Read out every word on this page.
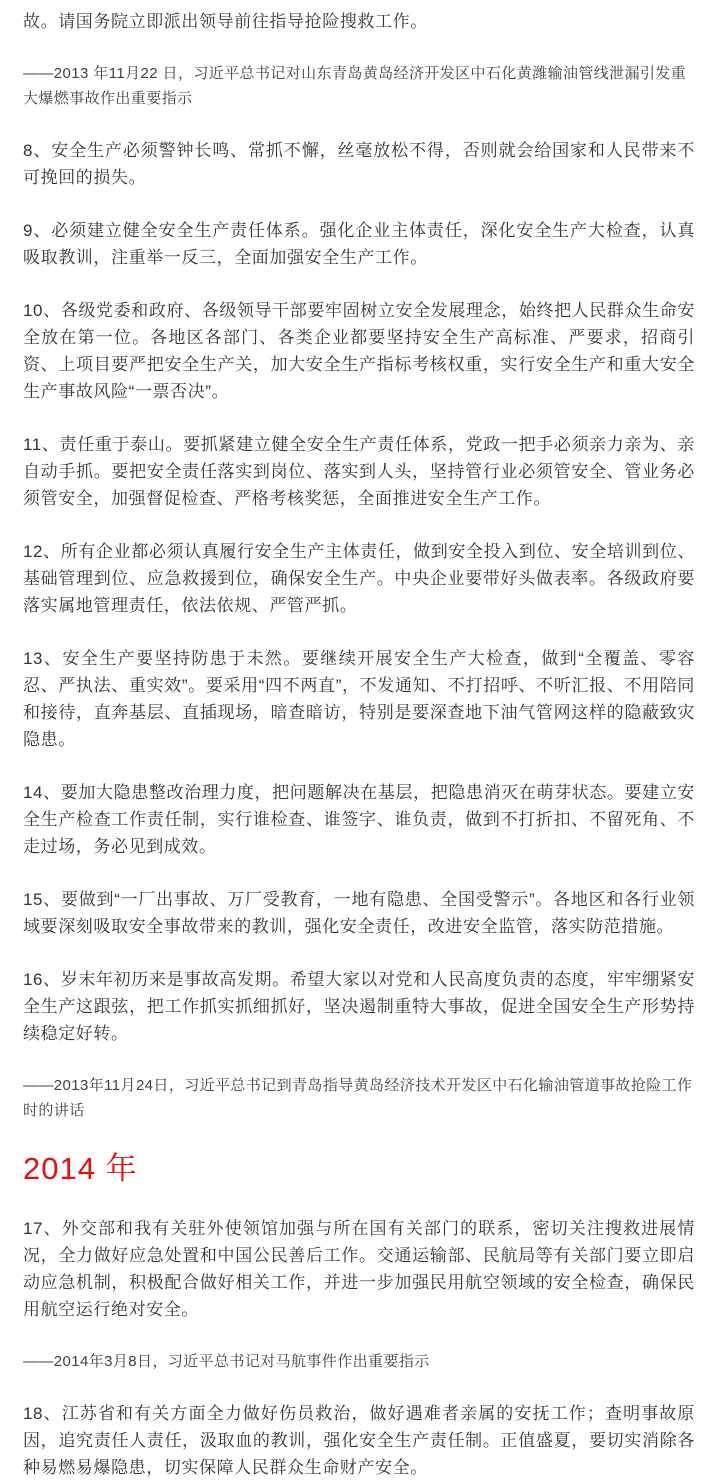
故。请国务院立即派出领导前往指导抢险搜救工作。

——2013 年11月22 日，习近平总书记对山东青岛黄岛经济开发区中石化黄潍输油管线泄漏引发重大爆燃事故作出重要指示

8、安全生产必须警钟长鸣、常抓不懈，丝毫放松不得，否则就会给国家和人民带来不可挽回的损失。

9、必须建立健全安全生产责任体系。强化企业主体责任，深化安全生产大检查，认真吸取教训，注重举一反三，全面加强安全生产工作。

10、各级党委和政府、各级领导干部要牢固树立安全发展理念，始终把人民群众生命安全放在第一位。各地区各部门、各类企业都要坚持安全生产高标准、严要求，招商引资、上项目要严把安全生产关，加大安全生产指标考核权重，实行安全生产和重大安全生产事故风险“一票否决”。

11、责任重于泰山。要抓紧建立健全安全生产责任体系，党政一把手必须亲力亲为、亲自动手抓。要把安全责任落实到岗位、落实到人头，坚持管行业必须管安全、管业务必须管安全，加强督促检查、严格考核奖惩，全面推进安全生产工作。

12、所有企业都必须认真履行安全生产主体责任，做到安全投入到位、安全培训到位、基础管理到位、应急救援到位，确保安全生产。中央企业要带好头做表率。各级政府要落实属地管理责任，依法依规、严管严抓。

13、安全生产要坚持防患于未然。要继续开展安全生产大检查，做到“全覆盖、零容忍、严执法、重实效”。要采用“四不两直”，不发通知、不打招呼、不听汇报、不用陪同和接待，直奔基层、直插现场，暗查暗访，特别是要深查地下油气管网这样的隐蔽致灾隐患。

14、要加大隐患整改治理力度，把问题解决在基层，把隐患消灭在萌芽状态。要建立安全生产检查工作责任制，实行谁检查、谁签字、谁负责，做到不打折扣、不留死角、不走过场，务必见到成效。

15、要做到“一厂出事故、万厂受教育，一地有隐患、全国受警示”。各地区和各行业领域要深刻吸取安全事故带来的教训，强化安全责任，改进安全监管，落实防范措施。

16、岁末年初历来是事故高发期。希望大家以对党和人民高度负责的态度，牢牢绷紧安全生产这跟弦，把工作抓实抓细抓好，坚决遏制重特大事故，促进全国安全生产形势持续稳定好转。

——2013年11月24日，习近平总书记到青岛指导黄岛经济技术开发区中石化输油管道事故抢险工作时的讲话

2014 年

17、外交部和我有关驻外使领馆加强与所在国有关部门的联系，密切关注搜救进展情况，全力做好应急处置和中国公民善后工作。交通运输部、民航局等有关部门要立即启动应急机制，积极配合做好相关工作，并进一步加强民用航空领域的安全检查，确保民用航空运行绝对安全。

——2014年3月8日，习近平总书记对马航事件作出重要指示

18、江苏省和有关方面全力做好伤员救治，做好遇难者亲属的安抚工作；查明事故原因，追究责任人责任，汲取血的教训，强化安全生产责任制。正值盛夏，要切实消除各种易燃易爆隐患，切实保障人民群众生命财产安全。
